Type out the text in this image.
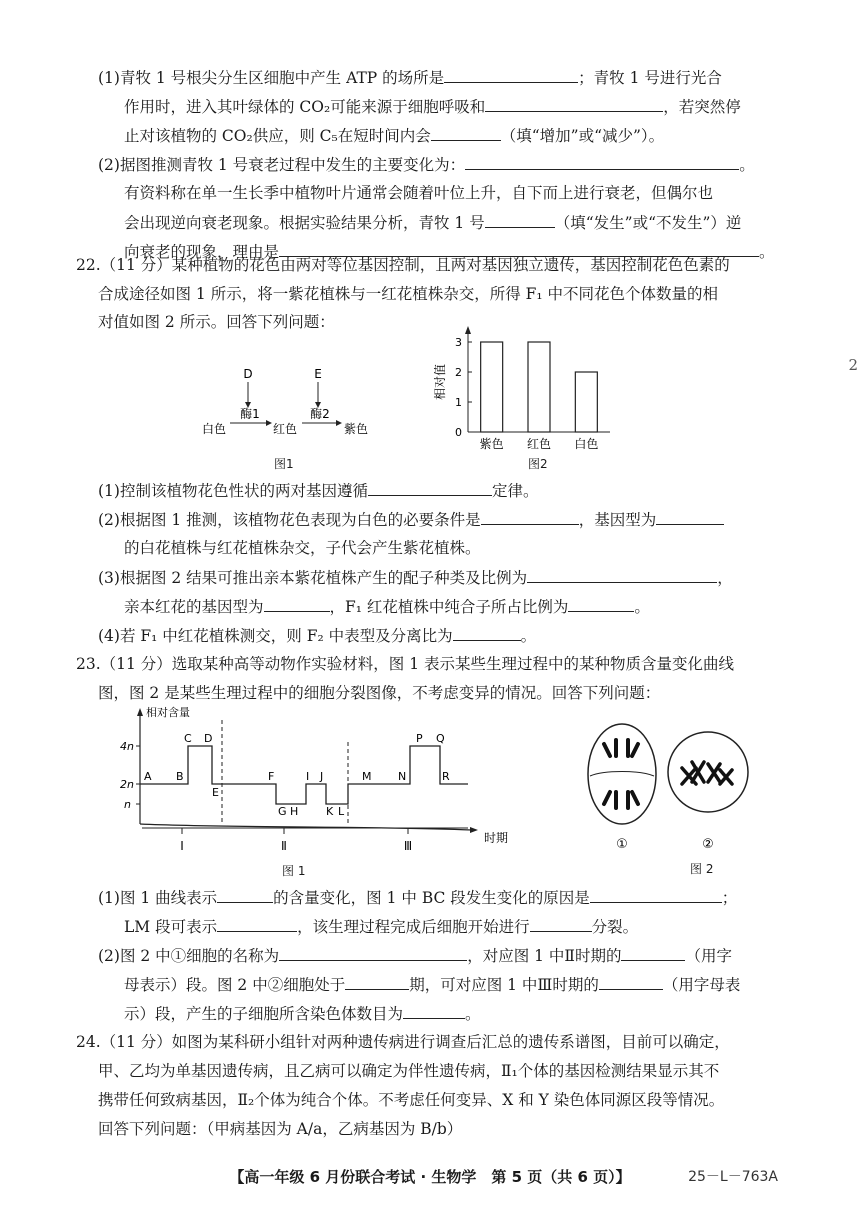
(1)青牧 1 号根尖分生区细胞中产生 ATP 的场所是	；青牧 1 号进行光合
作用时，进入其叶绿体的 CO₂可能来源于细胞呼吸和	，若突然停
止对该植物的 CO₂供应，则 C₅在短时间内会	（填“增加”或“减少”）。
(2)据图推测青牧 1 号衰老过程中发生的主要变化为：	。
有资料称在单一生长季中植物叶片通常会随着叶位上升，自下而上进行衰老，但偶尔也
会出现逆向衰老现象。根据实验结果分析，青牧 1 号	（填“发生”或“不发生”）逆
向衰老的现象，理由是	。
22.（11 分）某种植物的花色由两对等位基因控制，且两对基因独立遗传，基因控制花色色素的
合成途径如图 1 所示，将一紫花植株与一红花植株杂交，所得 F₁ 中不同花色个体数量的相
对值如图 2 所示。回答下列问题：
D
酶1
E
酶2
白色	红色	紫色
图1
相对值
0
1
2
3
紫色 红色 白色
图2
(1)控制该植物花色性状的两对基因遵循	定律。
(2)根据图 1 推测，该植物花色表现为白色的必要条件是	，基因型为
的白花植株与红花植株杂交，子代会产生紫花植株。
(3)根据图 2 结果可推出亲本紫花植株产生的配子种类及比例为	，
亲本红花的基因型为	，F₁ 红花植株中纯合子所占比例为	。
(4)若 F₁ 中红花植株测交，则 F₂ 中表型及分离比为	。
23.（11 分）选取某种高等动物作实验材料，图 1 表示某些生理过程中的某种物质含量变化曲线
图，图 2 是某些生理过程中的细胞分裂图像，不考虑变异的情况。回答下列问题：
相对含量
时期
4n
2n
n
A B
C D
E
F
G H
I J
K L
M N
P Q
R
Ⅰ	Ⅱ	Ⅲ
图 1
①	②
图 2
(1)图 1 曲线表示	的含量变化，图 1 中 BC 段发生变化的原因是	；
LM 段可表示	，该生理过程完成后细胞开始进行	分裂。
(2)图 2 中①细胞的名称为	，对应图 1 中Ⅱ时期的	（用字
母表示）段。图 2 中②细胞处于	期，可对应图 1 中Ⅲ时期的	（用字母表
示）段，产生的子细胞所含染色体数目为	。
24.（11 分）如图为某科研小组针对两种遗传病进行调查后汇总的遗传系谱图，目前可以确定，
甲、乙均为单基因遗传病，且乙病可以确定为伴性遗传病，Ⅱ₁个体的基因检测结果显示其不
携带任何致病基因，Ⅱ₂个体为纯合个体。不考虑任何变异、X 和 Y 染色体同源区段等情况。
回答下列问题：（甲病基因为 A/a，乙病基因为 B/b）
【高一年级 6 月份联合考试 · 生物学　第 5 页（共 6 页）】	25－L－763A
2
